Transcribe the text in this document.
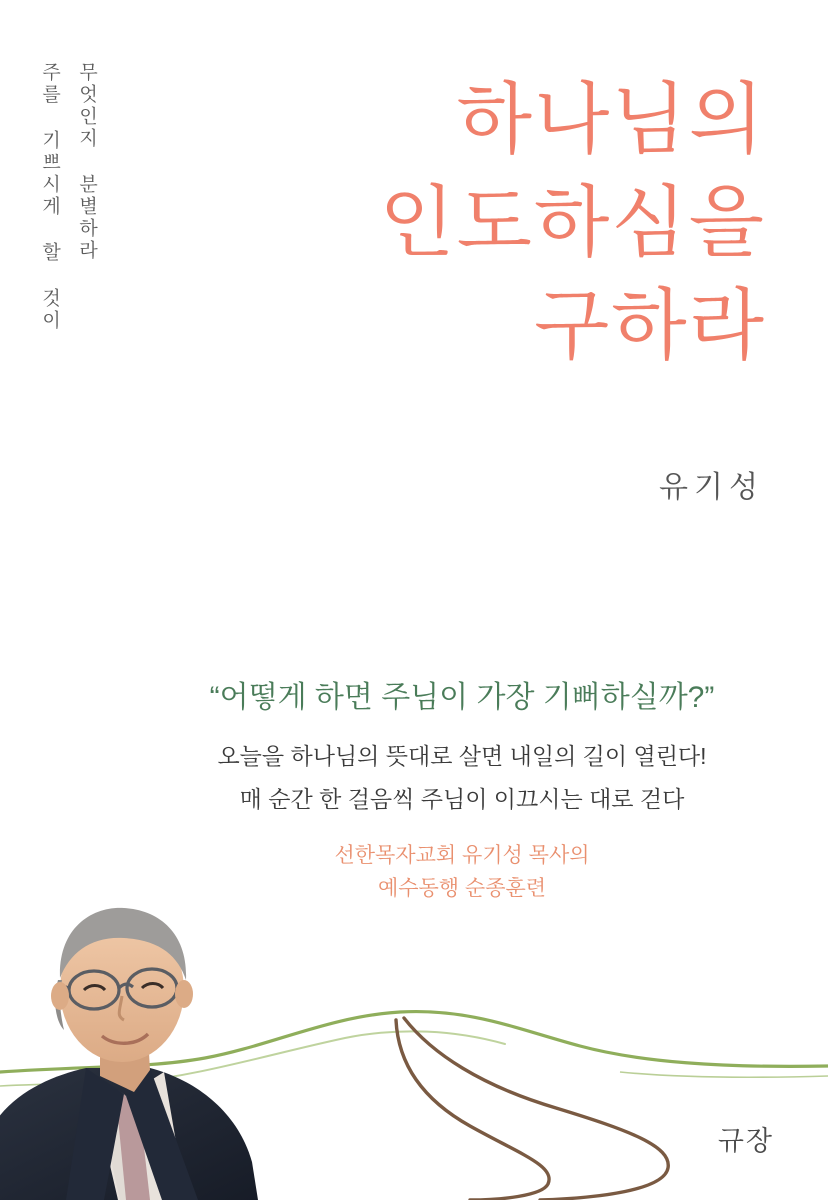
무엇인지 분별하라
주를 기쁘시게 할 것이	하나님의
인도하심을
구하라
유기성
“어떻게 하면 주님이 가장 기뻐하실까?”
오늘을 하나님의 뜻대로 살면 내일의 길이 열린다!
매 순간 한 걸음씩 주님이 이끄시는 대로 걷다
선한목자교회 유기성 목사의
예수동행 순종훈련
규장
